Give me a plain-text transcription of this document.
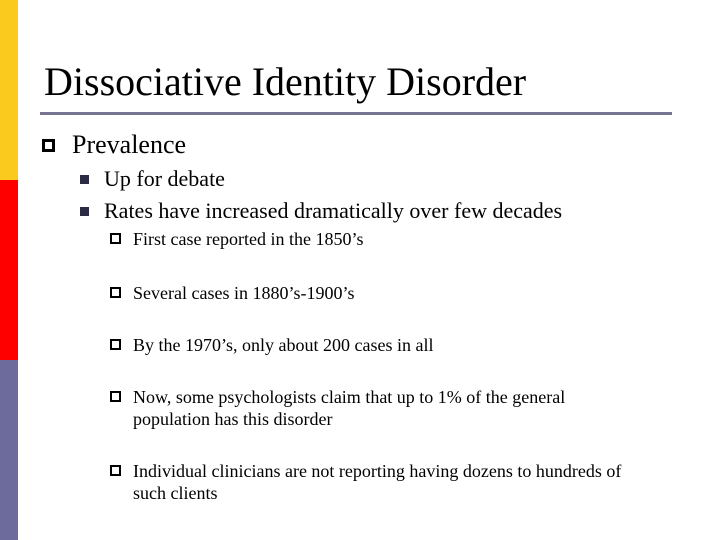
Dissociative Identity Disorder
Prevalence
Up for debate
Rates have increased dramatically over few decades
First case reported in the 1850’s
Several cases in 1880’s-1900’s
By the 1970’s, only about 200 cases in all
Now, some psychologists claim that up to 1% of the general
population has this disorder
Individual clinicians are not reporting having dozens to hundreds of
such clients
